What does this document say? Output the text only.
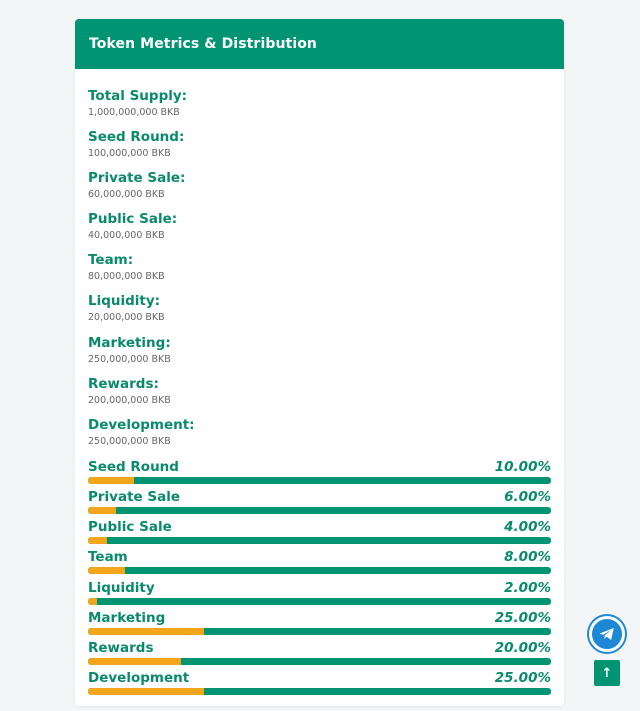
Token Metrics & Distribution
Total Supply:
1,000,000,000 BKB
Seed Round:
100,000,000 BKB
Private Sale:
60,000,000 BKB
Public Sale:
40,000,000 BKB
Team:
80,000,000 BKB
Liquidity:
20,000,000 BKB
Marketing:
250,000,000 BKB
Rewards:
200,000,000 BKB
Development:
250,000,000 BKB
Seed Round	10.00%
Private Sale	6.00%
Public Sale	4.00%
Team	8.00%
Liquidity	2.00%
Marketing	25.00%
Rewards	20.00%
Development	25.00%	↑
